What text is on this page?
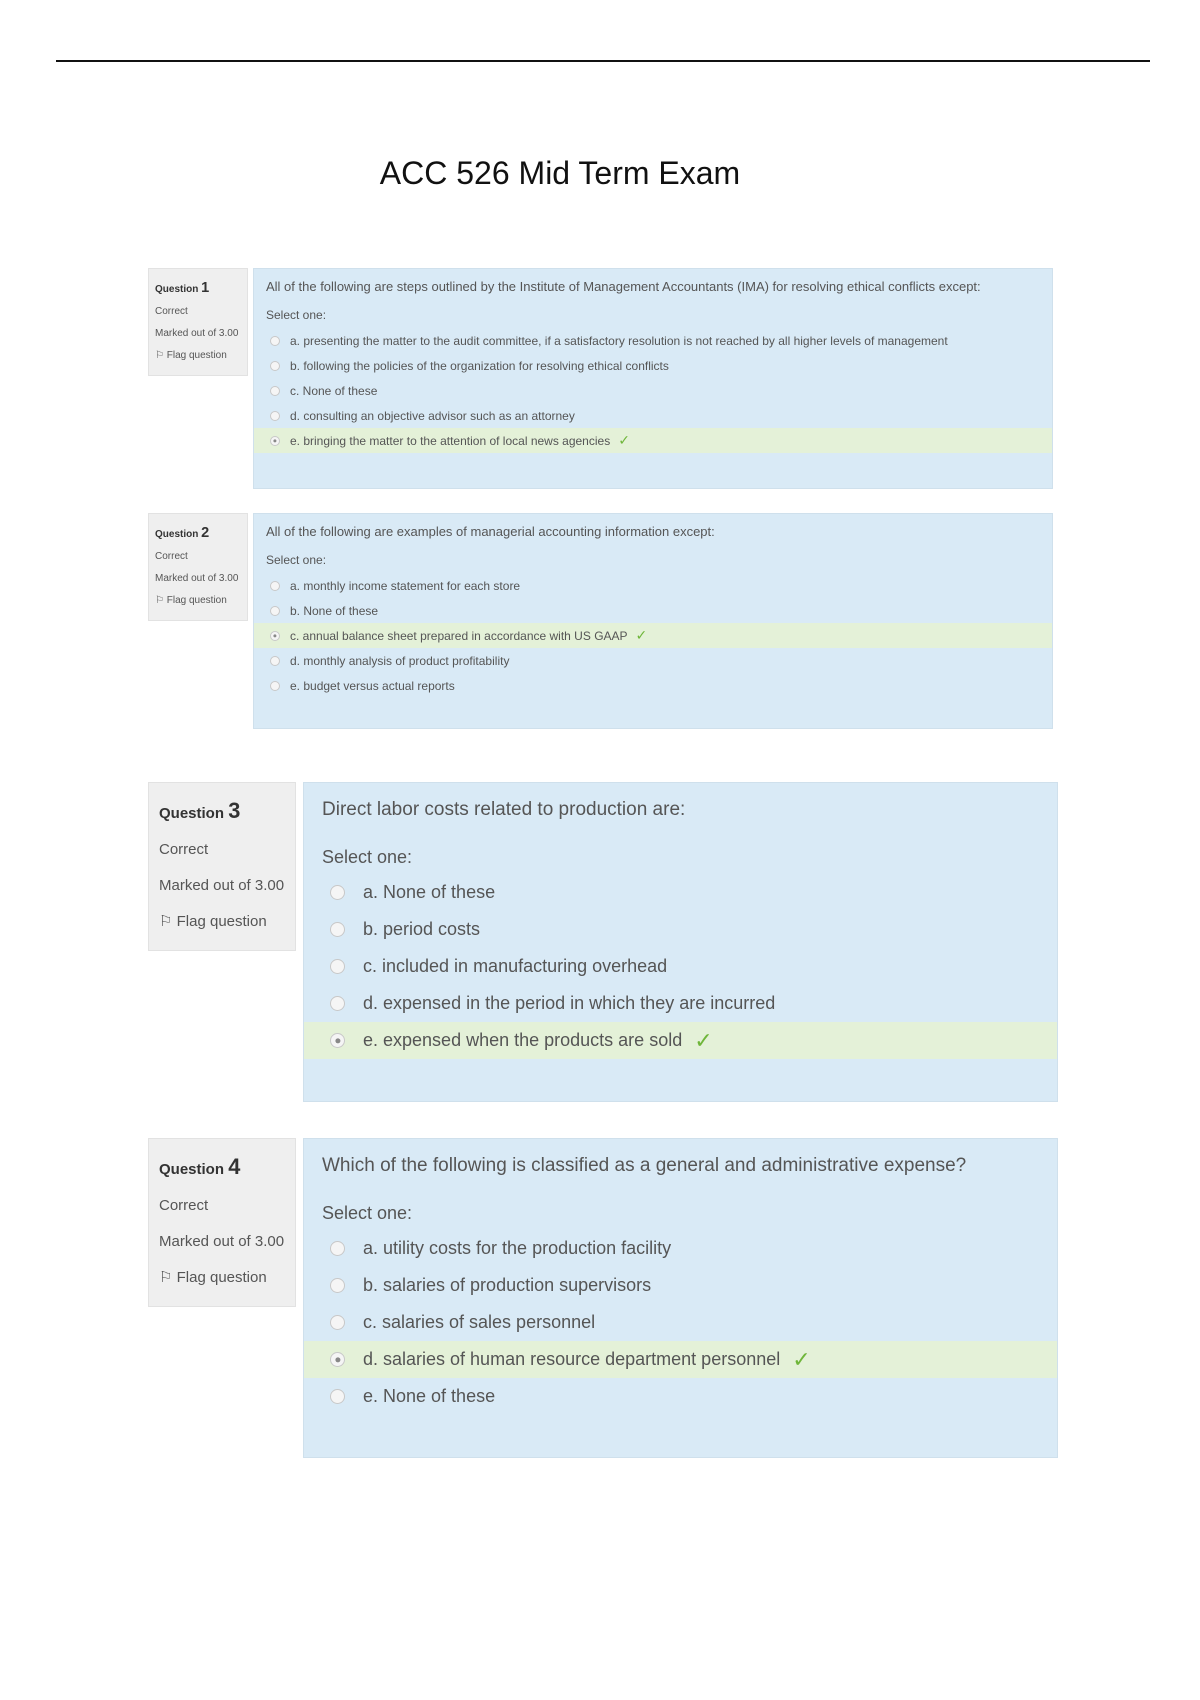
ACC 526 Mid Term Exam
Question 1
Correct
Marked out of 3.00
⚐ Flag question
All of the following are steps outlined by the Institute of Management Accountants (IMA) for resolving ethical conflicts except:
Select one:
a. presenting the matter to the audit committee, if a satisfactory resolution is not reached by all higher levels of management
b. following the policies of the organization for resolving ethical conflicts
c. None of these
d. consulting an objective advisor such as an attorney
e. bringing the matter to the attention of local news agencies ✓
Question 2
Correct
Marked out of 3.00
⚐ Flag question
All of the following are examples of managerial accounting information except:
Select one:
a. monthly income statement for each store
b. None of these
c. annual balance sheet prepared in accordance with US GAAP ✓
d. monthly analysis of product profitability
e. budget versus actual reports
Question 3
Correct
Marked out of 3.00
⚐ Flag question
Direct labor costs related to production are:
Select one:
a. None of these
b. period costs
c. included in manufacturing overhead
d. expensed in the period in which they are incurred
e. expensed when the products are sold ✓
Question 4
Correct
Marked out of 3.00
⚐ Flag question
Which of the following is classified as a general and administrative expense?
Select one:
a. utility costs for the production facility
b. salaries of production supervisors
c. salaries of sales personnel
d. salaries of human resource department personnel ✓
e. None of these
